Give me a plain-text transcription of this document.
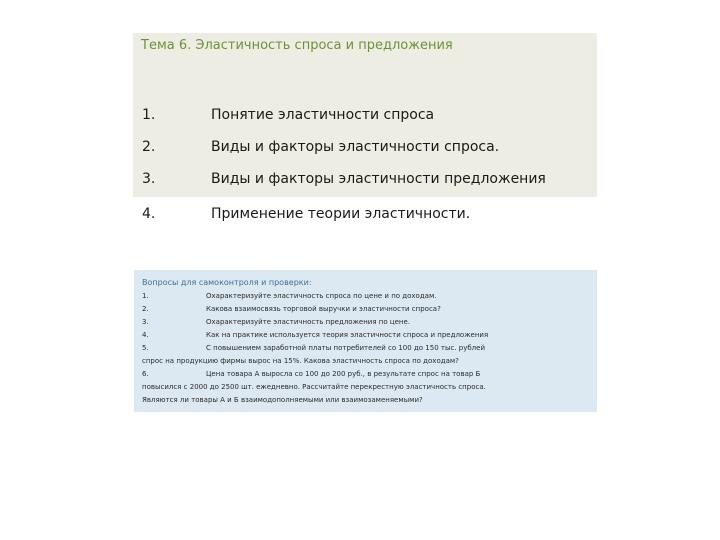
Тема 6. Эластичность спроса и предложения
1.	Понятие эластичности спроса
2.	Виды и факторы эластичности спроса.
3.	Виды и факторы эластичности предложения
4.	Применение теории эластичности.
Вопросы для самоконтроля и проверки:
1.	Охарактеризуйте эластичность спроса по цене и по доходам.
2.	Какова взаимосвязь торговой выручки и эластичности спроса?
3.	Охарактеризуйте эластичность предложения по цене.
4.	Как на практике используется теория эластичности спроса и предложения
5.	С повышением заработной платы потребителей со 100 до 150 тыс. рублей
спрос на продукцию фирмы вырос на 15%. Какова эластичность спроса по доходам?
6.	Цена товара А выросла со 100 до 200 руб., в результате спрос на товар Б
повысился с 2000 до 2500 шт. ежедневно. Рассчитайте перекрестную эластичность спроса.
Являются ли товары А и Б взаимодополняемыми или взаимозаменяемыми?
